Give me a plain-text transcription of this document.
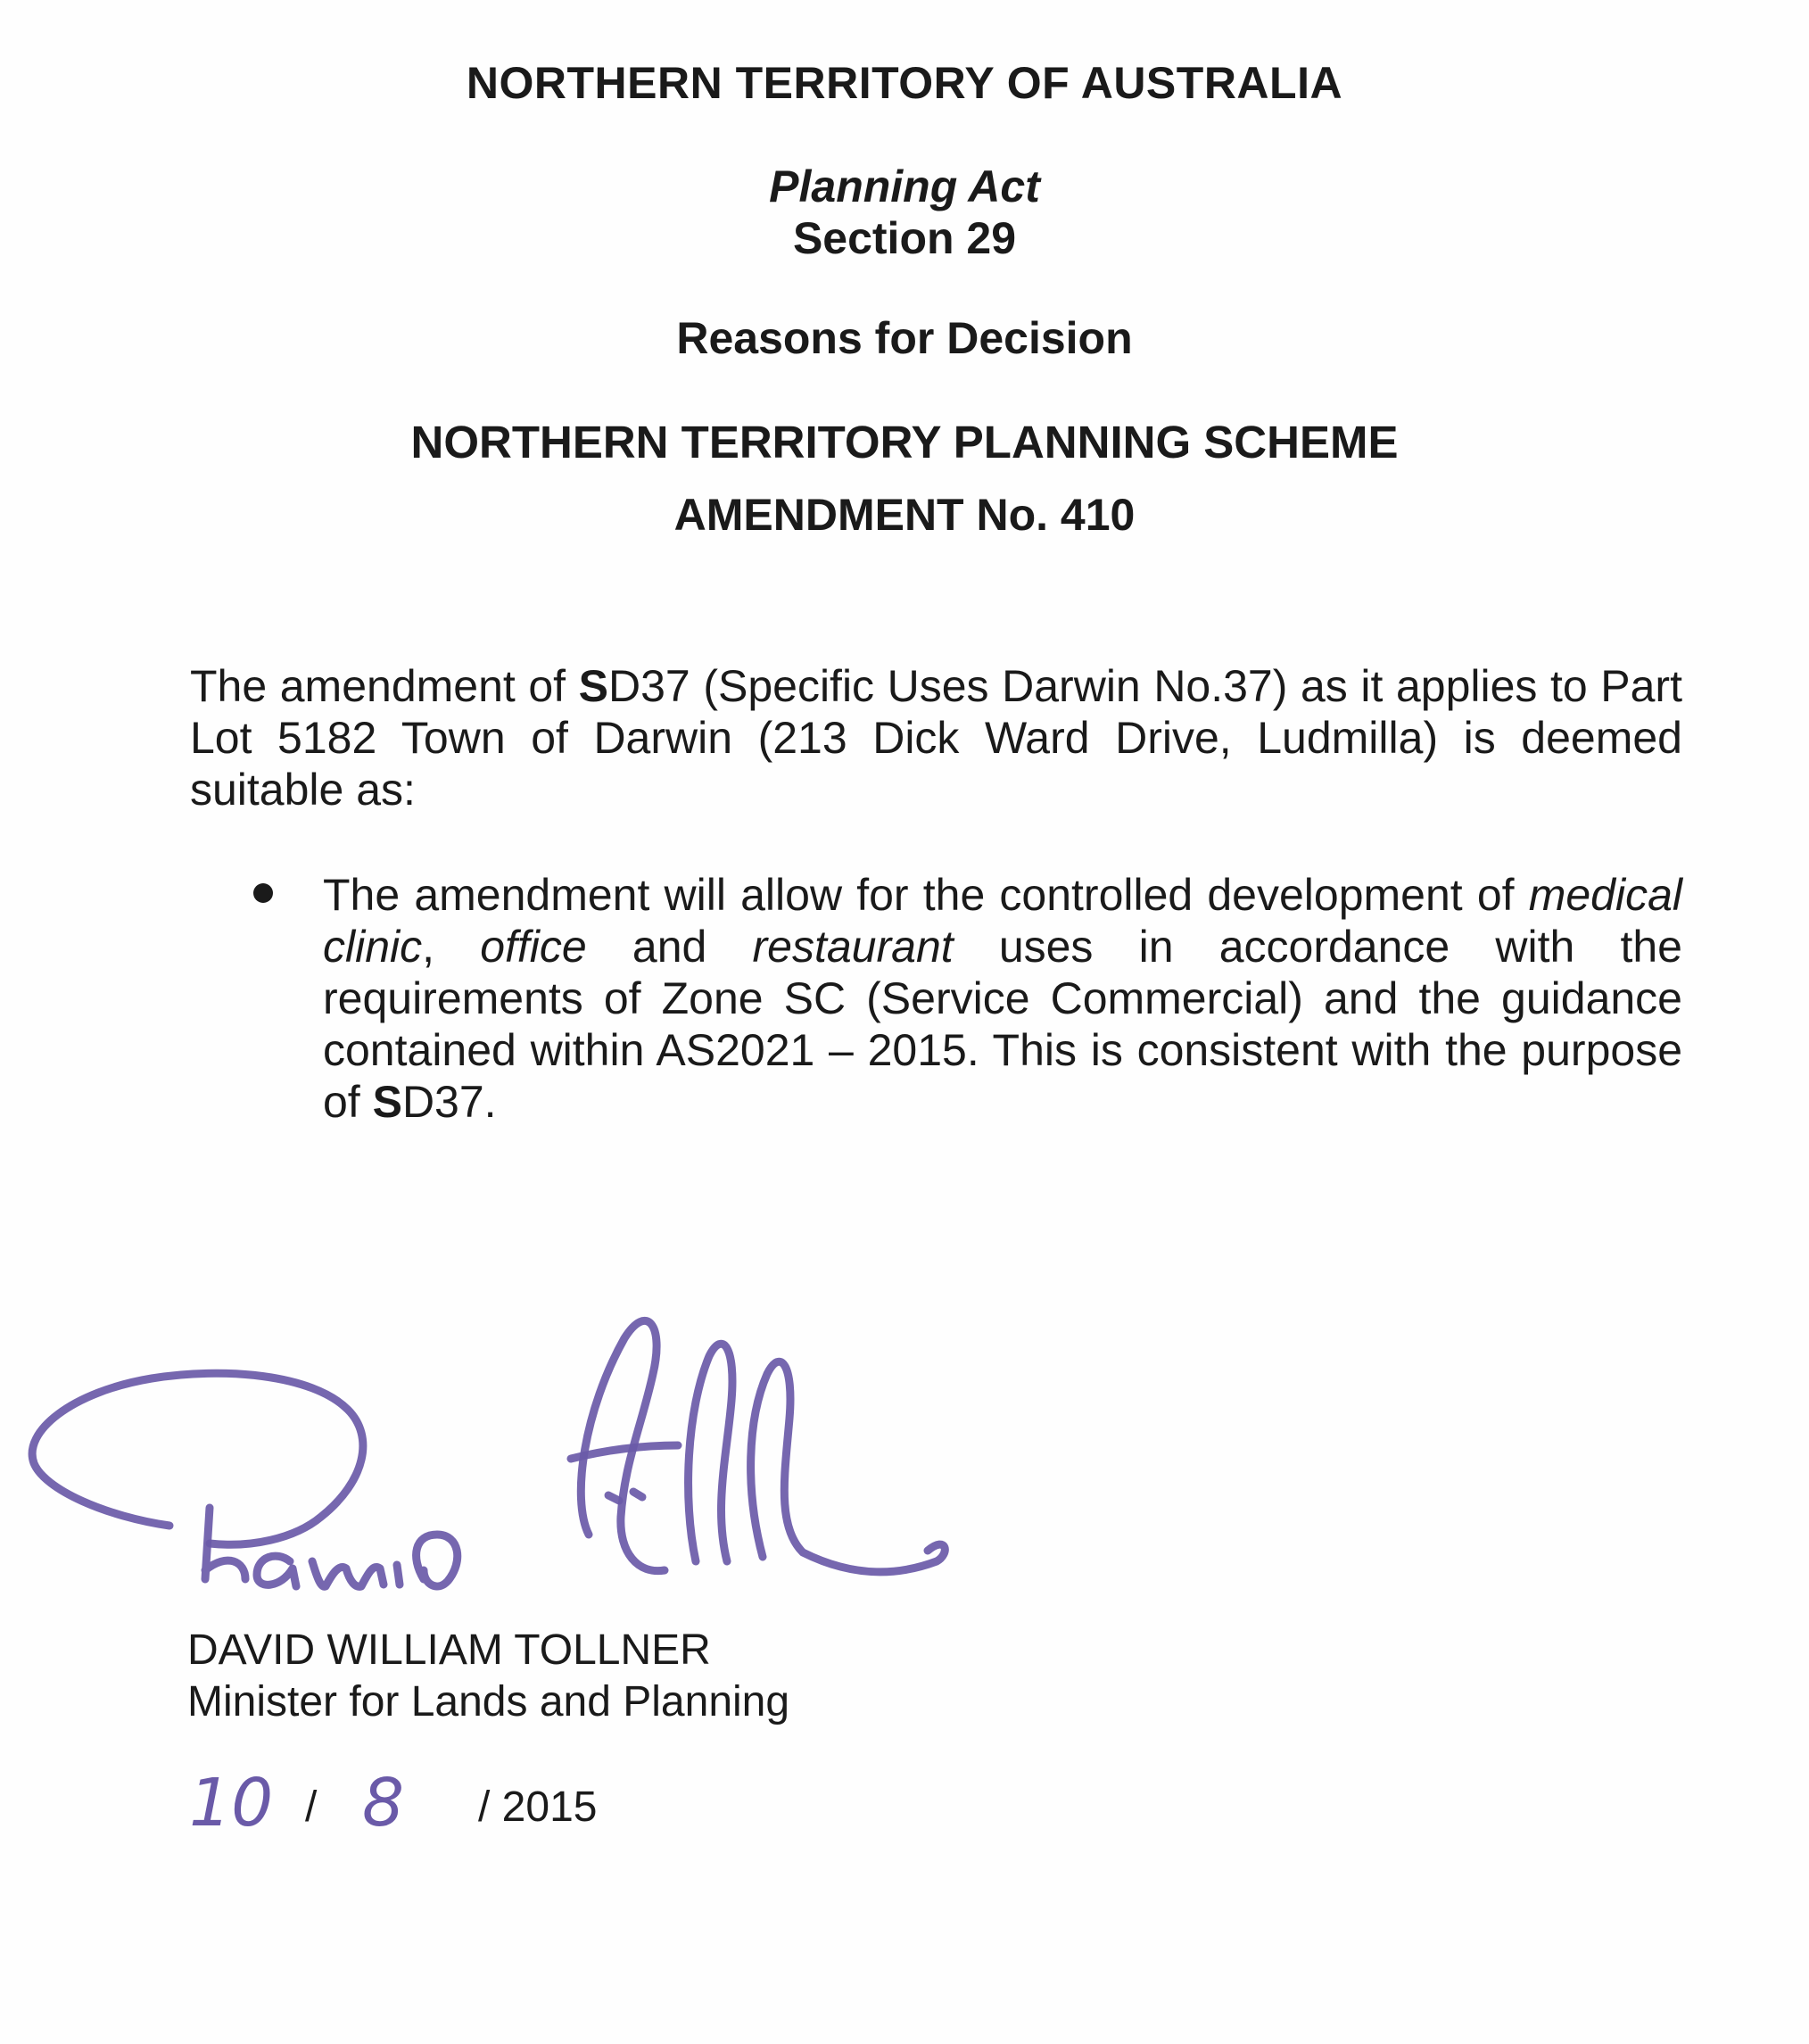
NORTHERN TERRITORY OF AUSTRALIA
Planning Act
Section 29
Reasons for Decision
NORTHERN TERRITORY PLANNING SCHEME
AMENDMENT No. 410
The amendment of SD37 (Specific Uses Darwin No.37) as it applies to Part Lot 5182 Town of Darwin (213 Dick Ward Drive, Ludmilla) is deemed suitable as:
The amendment will allow for the controlled development of medical clinic, office and restaurant uses in accordance with the requirements of Zone SC (Service Commercial) and the guidance contained within AS2021 – 2015. This is consistent with the purpose of SD37.
DAVID WILLIAM TOLLNER
Minister for Lands and Planning
10 / 8 / 2015
